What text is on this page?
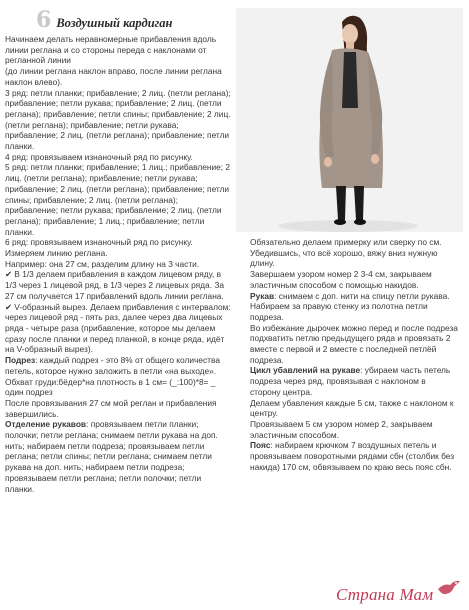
6 Воздушный кардиган

Начинаем делать неравномерные прибавления вдоль линии реглана и со стороны переда с наклонами от регланной линии

(до линии реглана наклон вправо, после линии реглана наклон влево).

3 ряд: петли планки; прибавление; 2 лиц. (петли реглана); прибавление; петли рукава; прибавление; 2 лиц. (петли реглана); прибавление; петли спины; прибавление; 2 лиц. (петли реглана); прибавление; петли рукава; прибавление; 2 лиц. (петли реглана); прибавление; петли планки.

4 ряд: провязываем изнаночный ряд по рисунку.

5 ряд: петли планки; прибавление; 1 лиц.; прибавление; 2 лиц. (петли реглана); прибавление; петли рукава; прибавление; 2 лиц. (петли реглана); прибавление; петли спины; прибавление; 2 лиц. (петли реглана); прибавление; петли рукава; прибавление; 2 лиц. (петли реглана); прибавление; 1 лиц.; прибавление; петли планки.

6 ряд: провязываем изнаночный ряд по рисунку.

Измеряем линию реглана.

Например: она 27 см, разделим длину на 3 части.

✔ В 1/3 делаем прибавления в каждом лицевом ряду, в 1/3 через 1 лицевой ряд, в 1/3 через 2 лицевых ряда. За 27 см получается 17 прибавлений вдоль линии реглана.

✔ V-образный вырез. Делаем прибавления с интервалом: через лицевой ряд - пять раз, далее через два лицевых ряда - четыре раза (прибавление, которое мы делаем сразу после планки и перед планкой, в конце ряда, идёт на V-образный вырез).

Подрез: каждый подрез - это 8% от общего количества петель, которое нужно заложить в петли «на выходе».

Обхват груди:бёдер*на плотность в 1 см= (_:100)*8= _ один подрез

После провязывания 27 см мой реглан и прибавления завершились.

Отделение рукавов: провязываем петли планки; полочки; петли реглана; снимаем петли рукава на доп. нить; набираем петли подреза; провязываем петли реглана; петли спины; петли реглана; снимаем петли рукава на доп. нить; набираем петли подреза; провязываем петли реглана; петли полочки; петли планки.

Обязательно делаем примерку или сверку по см. Убедившись, что всё хорошо, вяжу вниз нужную длину.

Завершаем узором номер 2 3-4 см, закрываем эластичным способом с помощью накидов.

Рукав: снимаем с доп. нити на спицу петли рукава. Набираем за правую стенку из полотна петли подреза.

Во избежание дырочек можно перед и после подреза подхватить петлю предыдущего ряда и провязать 2 вместе с первой и 2 вместе с последней петлёй подреза.

Цикл убавлений на рукаве: убираем часть петель подреза через ряд, провязывая с наклоном в сторону центра.

Делаем убавления каждые 5 см, также с наклоном к центру.

Провязываем 5 см узором номер 2, закрываем эластичным способом.

Пояс: набираем крючком 7 воздушных петель и провязываем поворотными рядами сбн (столбик без накида) 170 см, обвязываем по краю весь пояс сбн.

Страна Мам
